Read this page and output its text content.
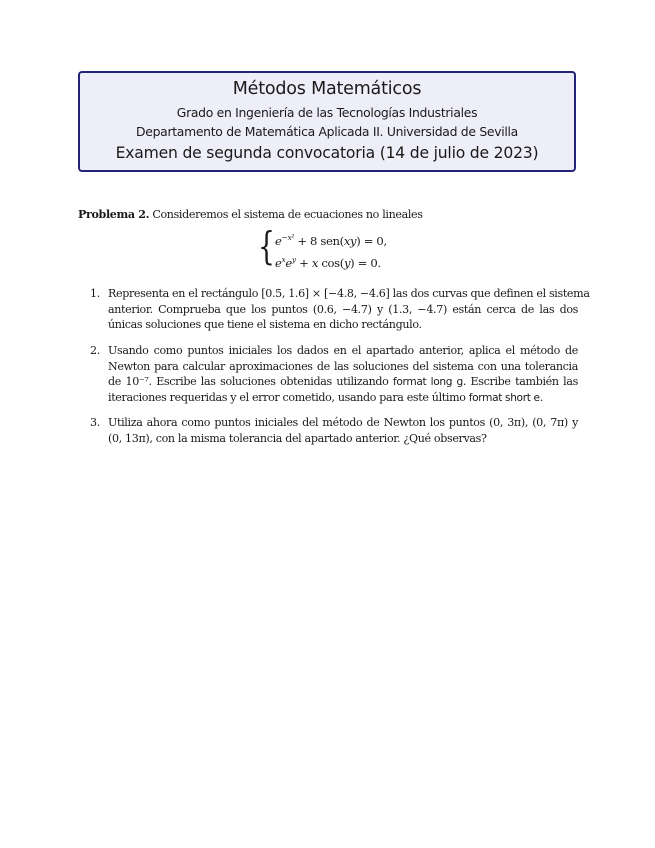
Métodos Matemáticos
Grado en Ingeniería de las Tecnologías Industriales
Departamento de Matemática Aplicada II. Universidad de Sevilla
Examen de segunda convocatoria (14 de julio de 2023)
Problema 2. Consideremos el sistema de ecuaciones no lineales
{ $e^{-x^2} + 8$ sen(xy) = 0,
$e^xe^y + x$ cos(y) = 0.
1. Representa en el rectángulo [0.5, 1.6] × [−4.8, −4.6] las dos curvas que definen el sistema
anterior. Comprueba que los puntos (0.6, −4.7) y (1.3, −4.7) están cerca de las dos
únicas soluciones que tiene el sistema en dicho rectángulo.
2. Usando como puntos iniciales los dados en el apartado anterior, aplica el método de
Newton para calcular aproximaciones de las soluciones del sistema con una tolerancia
de 10⁻⁷. Escribe las soluciones obtenidas utilizando format long g. Escribe también las
iteraciones requeridas y el error cometido, usando para este último format short e.
3. Utiliza ahora como puntos iniciales del método de Newton los puntos (0, 3π), (0, 7π) y
(0, 13π), con la misma tolerancia del apartado anterior. ¿Qué observas?
